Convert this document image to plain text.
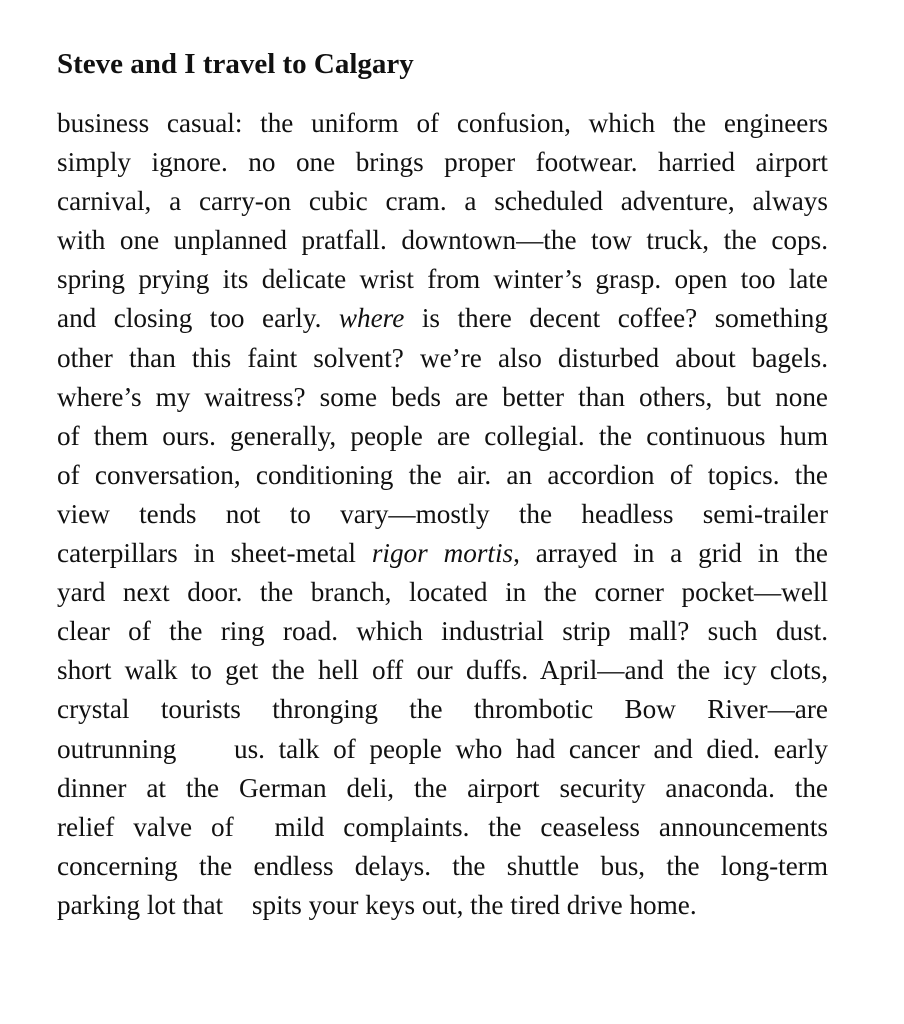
Steve and I travel to Calgary
business casual: the uniform of confusion, which the engineers
simply ignore. no one brings proper footwear. harried airport
carnival, a carry-on cubic cram. a scheduled adventure, always
with one unplanned pratfall. downtown—the tow truck, the cops.
spring prying its delicate wrist from winter’s grasp. open too late
and closing too early. where is there decent coffee? something
other than this faint solvent? we’re also disturbed about bagels.
where’s my waitress? some beds are better than others, but none
of them ours. generally, people are collegial. the continuous hum
of conversation, conditioning the air. an accordion of topics. the
view tends not to vary—mostly the headless semi-trailer
caterpillars in sheet-metal rigor mortis, arrayed in a grid in the
yard next door. the branch, located in the corner pocket—well
clear of the ring road. which industrial strip mall? such dust.
short walk to get the hell off our duffs. April—and the icy clots,
crystal tourists thronging the thrombotic Bow River—are
outrunning us. talk of people who had cancer and died. early
dinner at the German deli, the airport security anaconda. the
relief valve of mild complaints. the ceaseless announcements
concerning the endless delays. the shuttle bus, the long-term
parking lot that spits your keys out, the tired drive home.
